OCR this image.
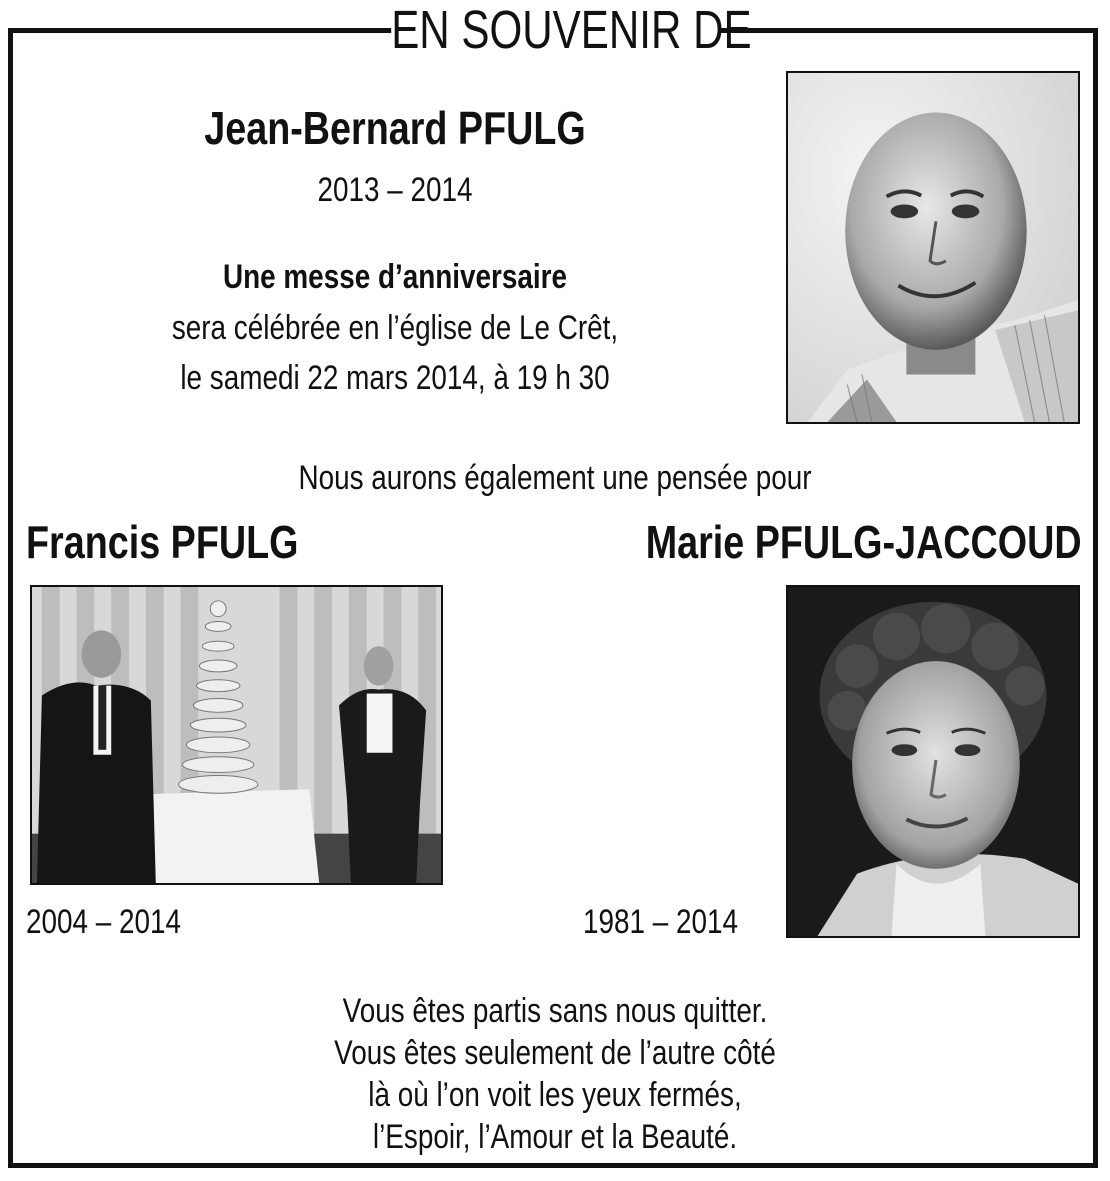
EN SOUVENIR DE
Jean-Bernard PFULG
2013 – 2014
Une messe d’anniversaire
sera célébrée en l’église de Le Crêt,
le samedi 22 mars 2014, à 19 h 30
Nous aurons également une pensée pour
Francis PFULG
2004 – 2014
Marie PFULG-JACCOUD
1981 – 2014
Vous êtes partis sans nous quitter.
Vous êtes seulement de l’autre côté
là où l’on voit les yeux fermés,
l’Espoir, l’Amour et la Beauté.
